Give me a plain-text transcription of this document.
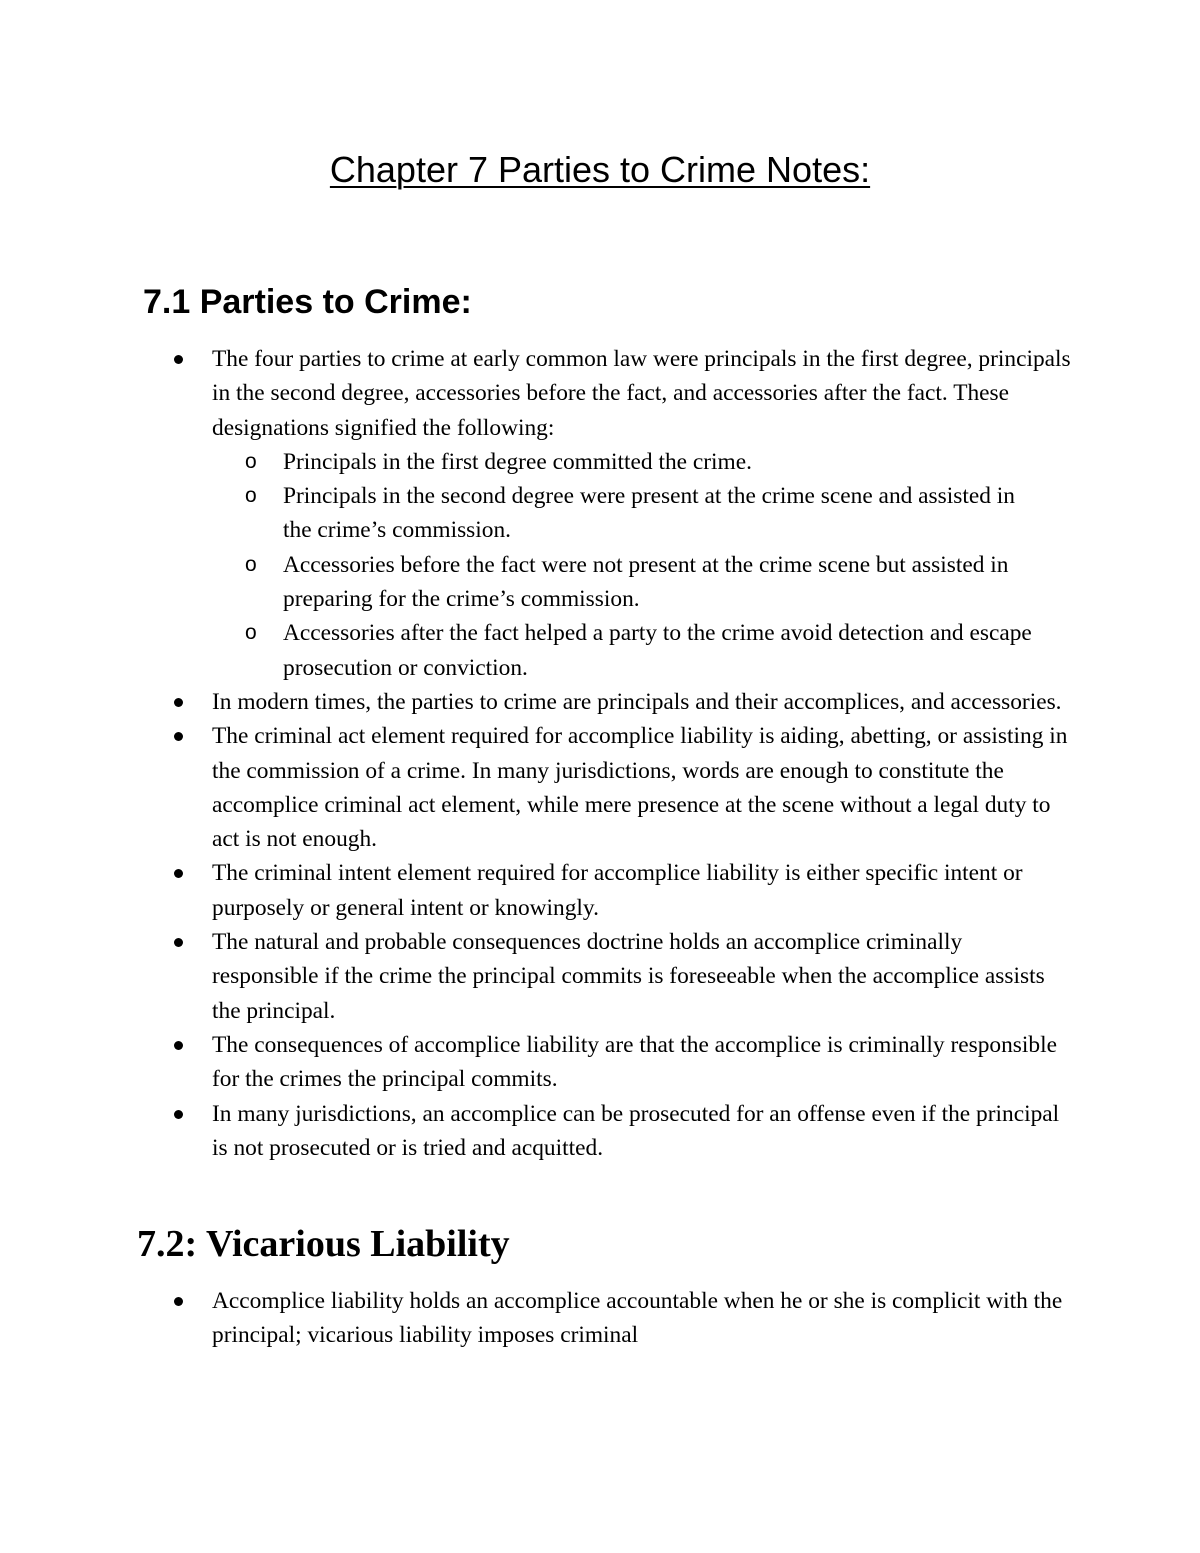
Chapter 7 Parties to Crime Notes:
7.1 Parties to Crime:
The four parties to crime at early common law were principals in the first degree, principals in the second degree, accessories before the fact, and accessories after the fact. These designations signified the following:
o Principals in the first degree committed the crime.
o Principals in the second degree were present at the crime scene and assisted in the crime’s commission.
o Accessories before the fact were not present at the crime scene but assisted in preparing for the crime’s commission.
o Accessories after the fact helped a party to the crime avoid detection and escape prosecution or conviction.
In modern times, the parties to crime are principals and their accomplices, and accessories.
The criminal act element required for accomplice liability is aiding, abetting, or assisting in the commission of a crime. In many jurisdictions, words are enough to constitute the accomplice criminal act element, while mere presence at the scene without a legal duty to act is not enough.
The criminal intent element required for accomplice liability is either specific intent or purposely or general intent or knowingly.
The natural and probable consequences doctrine holds an accomplice criminally responsible if the crime the principal commits is foreseeable when the accomplice assists the principal.
The consequences of accomplice liability are that the accomplice is criminally responsible for the crimes the principal commits.
In many jurisdictions, an accomplice can be prosecuted for an offense even if the principal is not prosecuted or is tried and acquitted.
7.2: Vicarious Liability
Accomplice liability holds an accomplice accountable when he or she is complicit with the principal; vicarious liability imposes criminal
